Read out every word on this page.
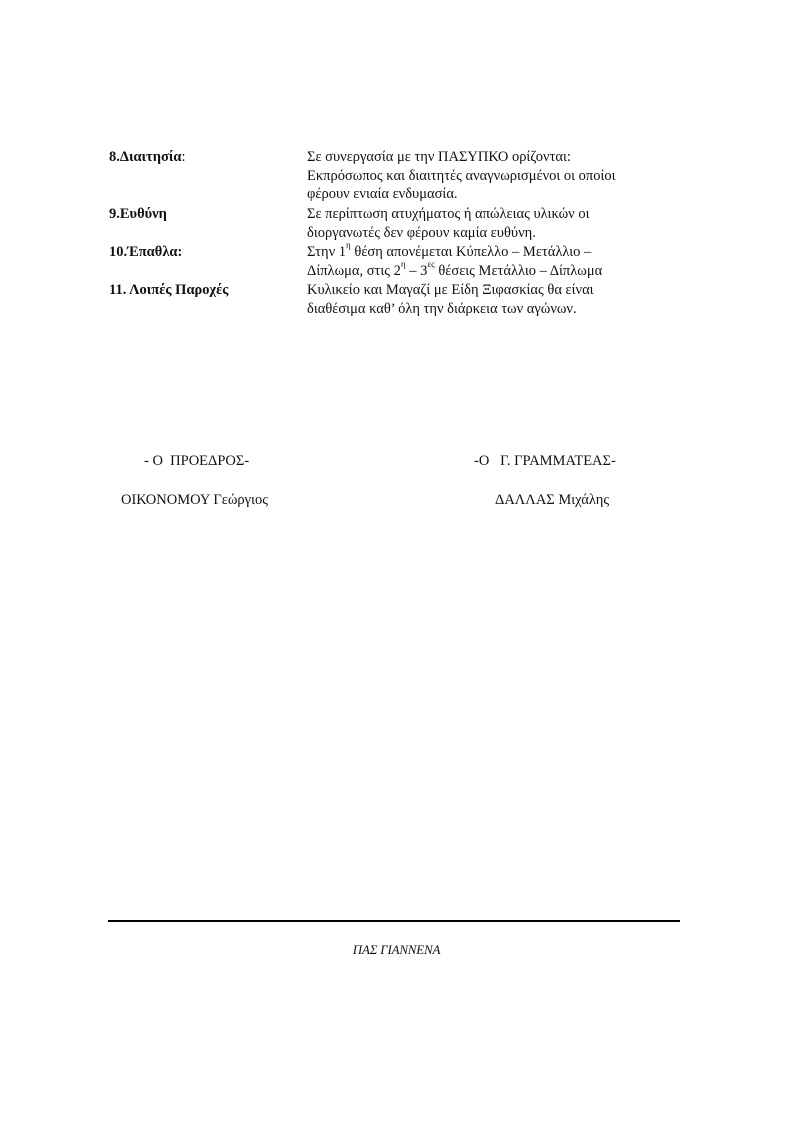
8.Διαιτησία:	Σε συνεργασία με την ΠΑΣΥΠΚΟ ορίζονται:
Εκπρόσωπος και διαιτητές αναγνωρισμένοι οι οποίοι
φέρουν ενιαία ενδυμασία.
9.Ευθύνη	Σε περίπτωση ατυχήματος ή απώλειας υλικών οι
διοργανωτές δεν φέρουν καμία ευθύνη.
10.Έπαθλα:	Στην $1^\eta$ θέση απονέμεται Κύπελλο – Μετάλλιο –
Δίπλωμα, στις $2^\eta - 3^{\varepsilon\varsigma}$ θέσεις Μετάλλιο – Δίπλωμα
11. Λοιπές Παροχές	Κυλικείο και Μαγαζί με Είδη Ξιφασκίας θα είναι
διαθέσιμα καθ’ όλη την διάρκεια των αγώνων.
- Ο  ΠΡΟΕΔΡΟΣ-
ΟΙΚΟΝΟΜΟΥ Γεώργιος
-Ο   Γ. ΓΡΑΜΜΑΤΕΑΣ-
ΔΑΛΛΑΣ Μιχάλης
ΠΑΣ ΓΙΑΝΝΕΝΑ
